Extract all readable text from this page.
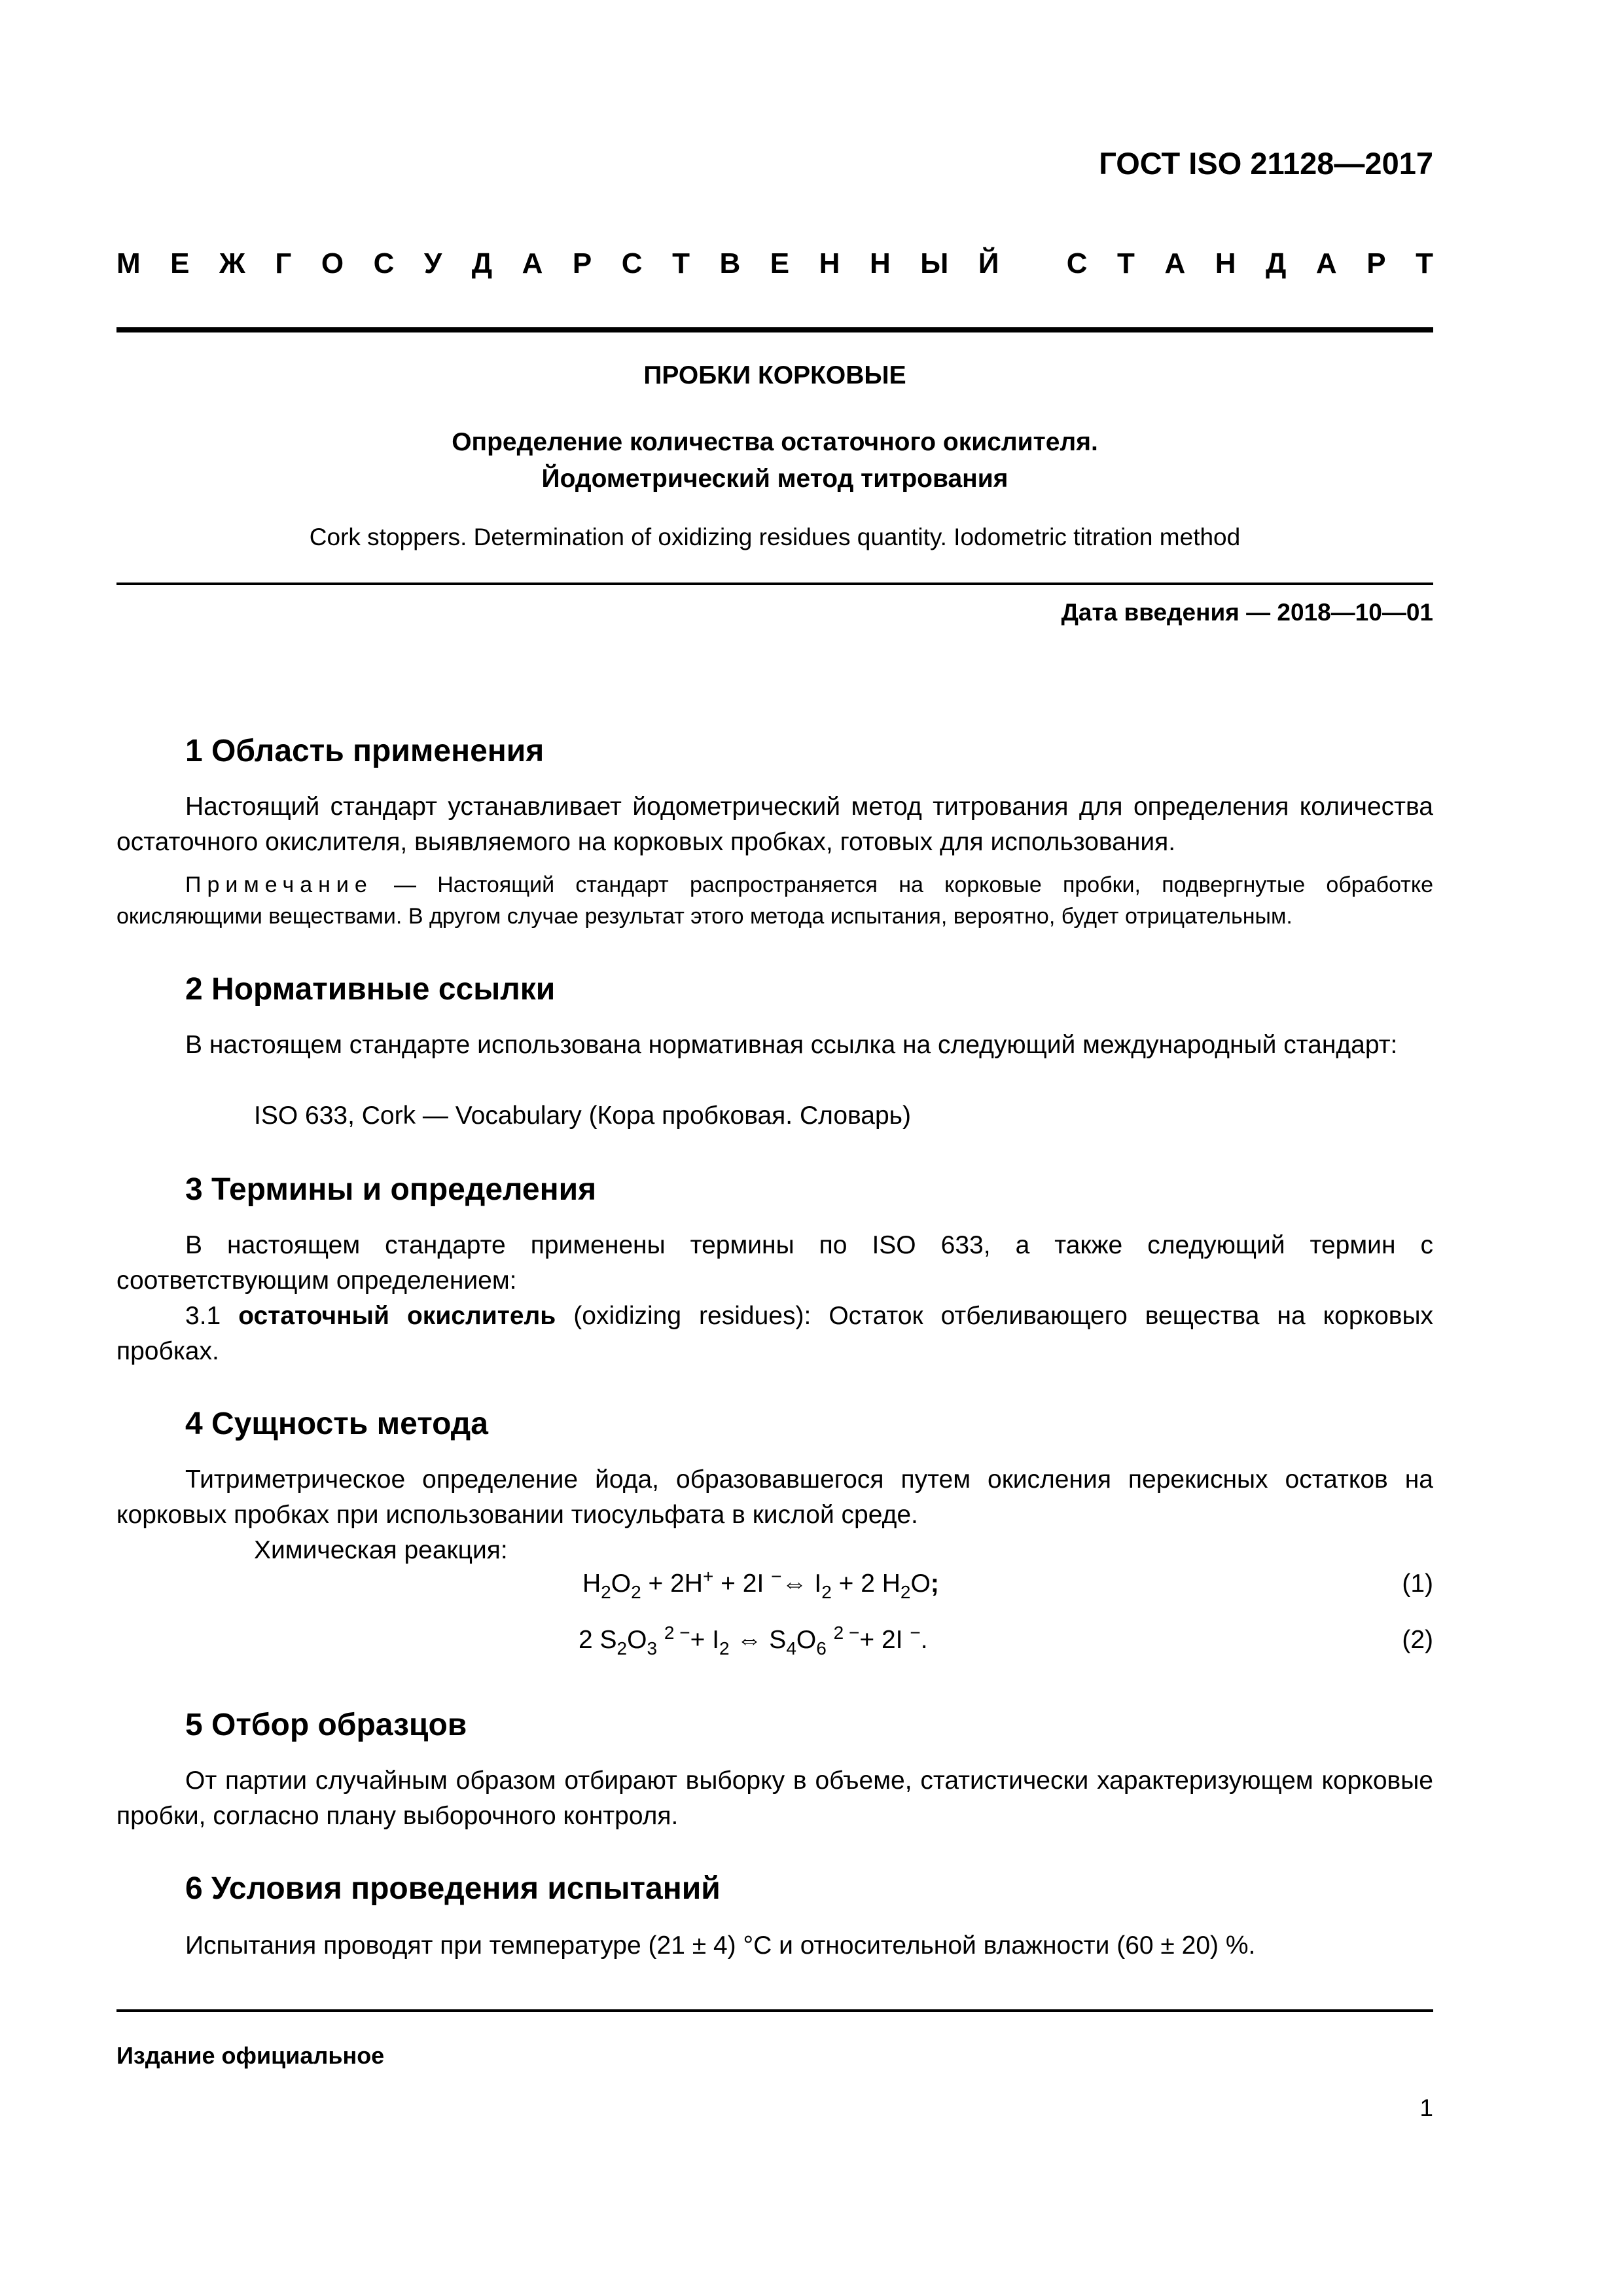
ГОСТ ISO 21128—2017
М Е Ж Г О С У Д А Р С Т В Е Н Н Ы Й
С Т А Н Д А Р Т
ПРОБКИ КОРКОВЫЕ
Определение количества остаточного окислителя.
Йодометрический метод титрования
Cork stoppers. Determination of oxidizing residues quantity. Iodometric titration method
Дата введения — 2018—10—01
1 Область применения
Настоящий стандарт устанавливает йодометрический метод титрования для определения количества остаточного окислителя, выявляемого на корковых пробках, готовых для использования.
Примечание — Настоящий стандарт распространяется на корковые пробки, подвергнутые обработке окисляющими веществами. В другом случае результат этого метода испытания, вероятно, будет отрицательным.
2 Нормативные ссылки
В настоящем стандарте использована нормативная ссылка на следующий международный стандарт:
ISO 633, Cork — Vocabulary (Кора пробковая. Словарь)
3 Термины и определения
В настоящем стандарте применены термины по ISO 633, а также следующий термин с соответствующим определением:
3.1 остаточный окислитель (oxidizing residues): Остаток отбеливающего вещества на корковых пробках.
4 Сущность метода
Титриметрическое определение йода, образовавшегося путем окисления перекисных остатков на корковых пробках при использовании тиосульфата в кислой среде.
Химическая реакция:
$H_2O_2 + 2H^+ + 2I$ −⇔ $I_2 + 2$ $H_2O$;	(1)
2 $S_2O_3$ $^{2 -}+ I_2$ ⇔ $S_4O_6$ $^{2 -}$+ 2I −.	(2)
5 Отбор образцов
От партии случайным образом отбирают выборку в объеме, статистически характеризующем корковые пробки, согласно плану выборочного контроля.
6 Условия проведения испытаний
Испытания проводят при температуре (21 ± 4) °С и относительной влажности (60 ± 20) %.
Издание официальное
1
